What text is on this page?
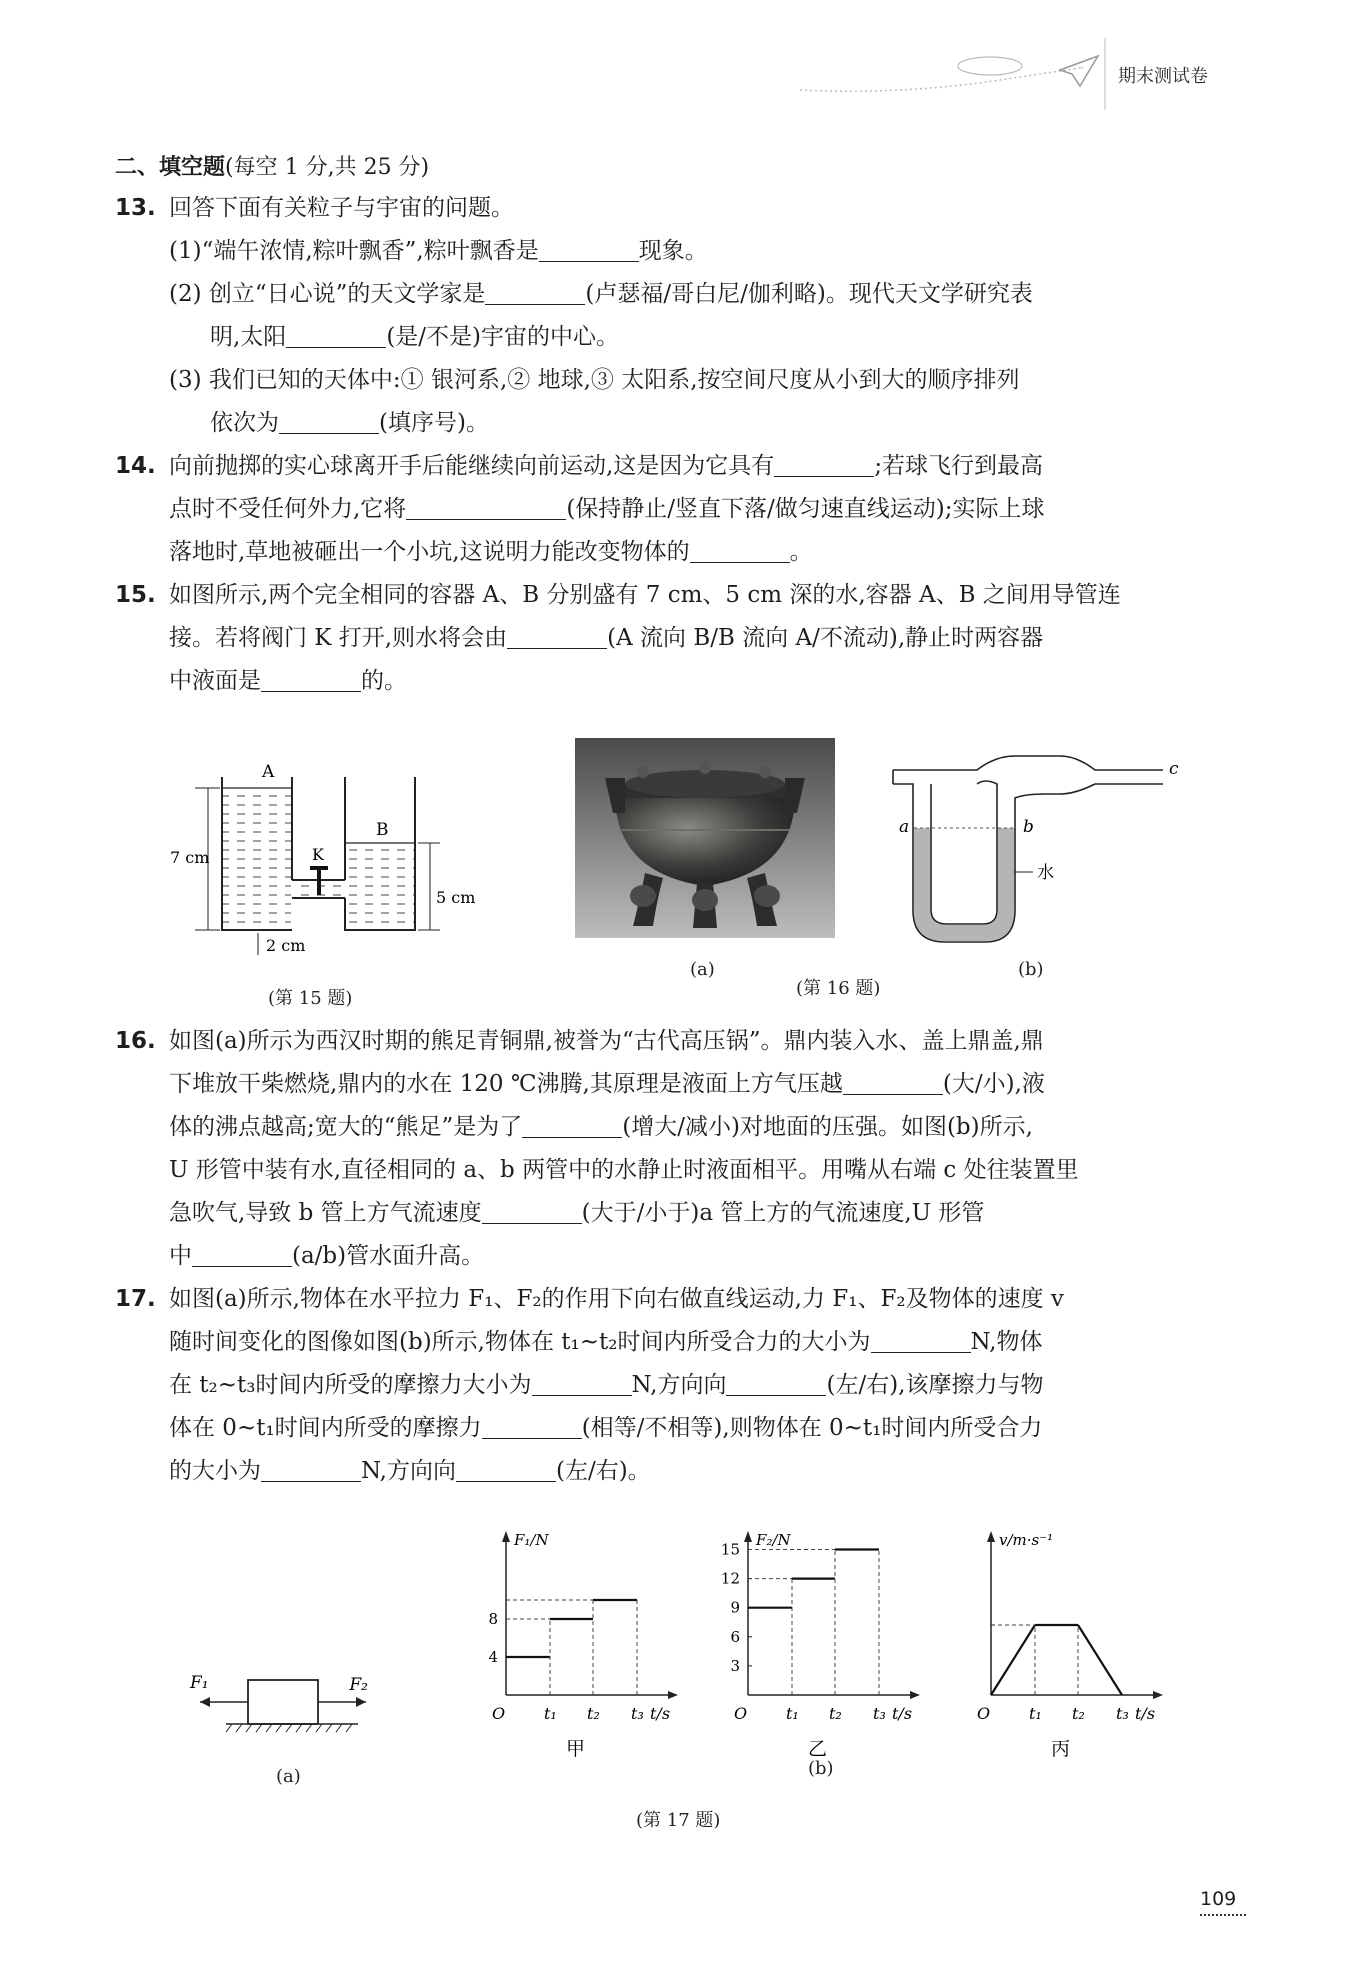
期末测试卷
二、填空题(每空 1 分,共 25 分)
13. 回答下面有关粒子与宇宙的问题。
(1)“端午浓情,粽叶飘香”,粽叶飘香是	现象。
(2) 创立“日心说”的天文学家是	(卢瑟福/哥白尼/伽利略)。现代天文学研究表
明,太阳	(是/不是)宇宙的中心。
(3) 我们已知的天体中:① 银河系,② 地球,③ 太阳系,按空间尺度从小到大的顺序排列
依次为	(填序号)。
14. 向前抛掷的实心球离开手后能继续向前运动,这是因为它具有	;若球飞行到最高
点时不受任何外力,它将	(保持静止/竖直下落/做匀速直线运动);实际上球
落地时,草地被砸出一个小坑,这说明力能改变物体的	。
15. 如图所示,两个完全相同的容器 A、B 分别盛有 7 cm、5 cm 深的水,容器 A、B 之间用导管连
接。若将阀门 K 打开,则水将会由	(A 流向 B/B 流向 A/不流动),静止时两容器
中液面是	的。
A
B
K
7 cm
5 cm
2 cm
(第 15 题)
(a)
(第 16 题)
a	b
c
水
(b)
16. 如图(a)所示为西汉时期的熊足青铜鼎,被誉为“古代高压锅”。鼎内装入水、盖上鼎盖,鼎
下堆放干柴燃烧,鼎内的水在 120 ℃沸腾,其原理是液面上方气压越	(大/小),液
体的沸点越高;宽大的“熊足”是为了	(增大/减小)对地面的压强。如图(b)所示,
U 形管中装有水,直径相同的 a、b 两管中的水静止时液面相平。用嘴从右端 c 处往装置里
急吹气,导致 b 管上方气流速度	(大于/小于)a 管上方的气流速度,U 形管
中	(a/b)管水面升高。
17. 如图(a)所示,物体在水平拉力 F₁、F₂的作用下向右做直线运动,力 F₁、F₂及物体的速度 v
随时间变化的图像如图(b)所示,物体在 t₁~t₂时间内所受合力的大小为	N,物体
在 t₂~t₃时间内所受的摩擦力大小为	N,方向向	(左/右),该摩擦力与物
体在 0~t₁时间内所受的摩擦力	(相等/不相等),则物体在 0~t₁时间内所受合力
的大小为	N,方向向	(左/右)。
F₁	F₂
(a)
F₁/N
O t₁ t₂ t₃ t/s
甲
4
8
F₂/N
O t₁ t₂ t₃ t/s
乙
3
6
9
12
15
v/m·s⁻¹
O t₁ t₂ t₃ t/s
丙
(b)
(第 17 题)
109
